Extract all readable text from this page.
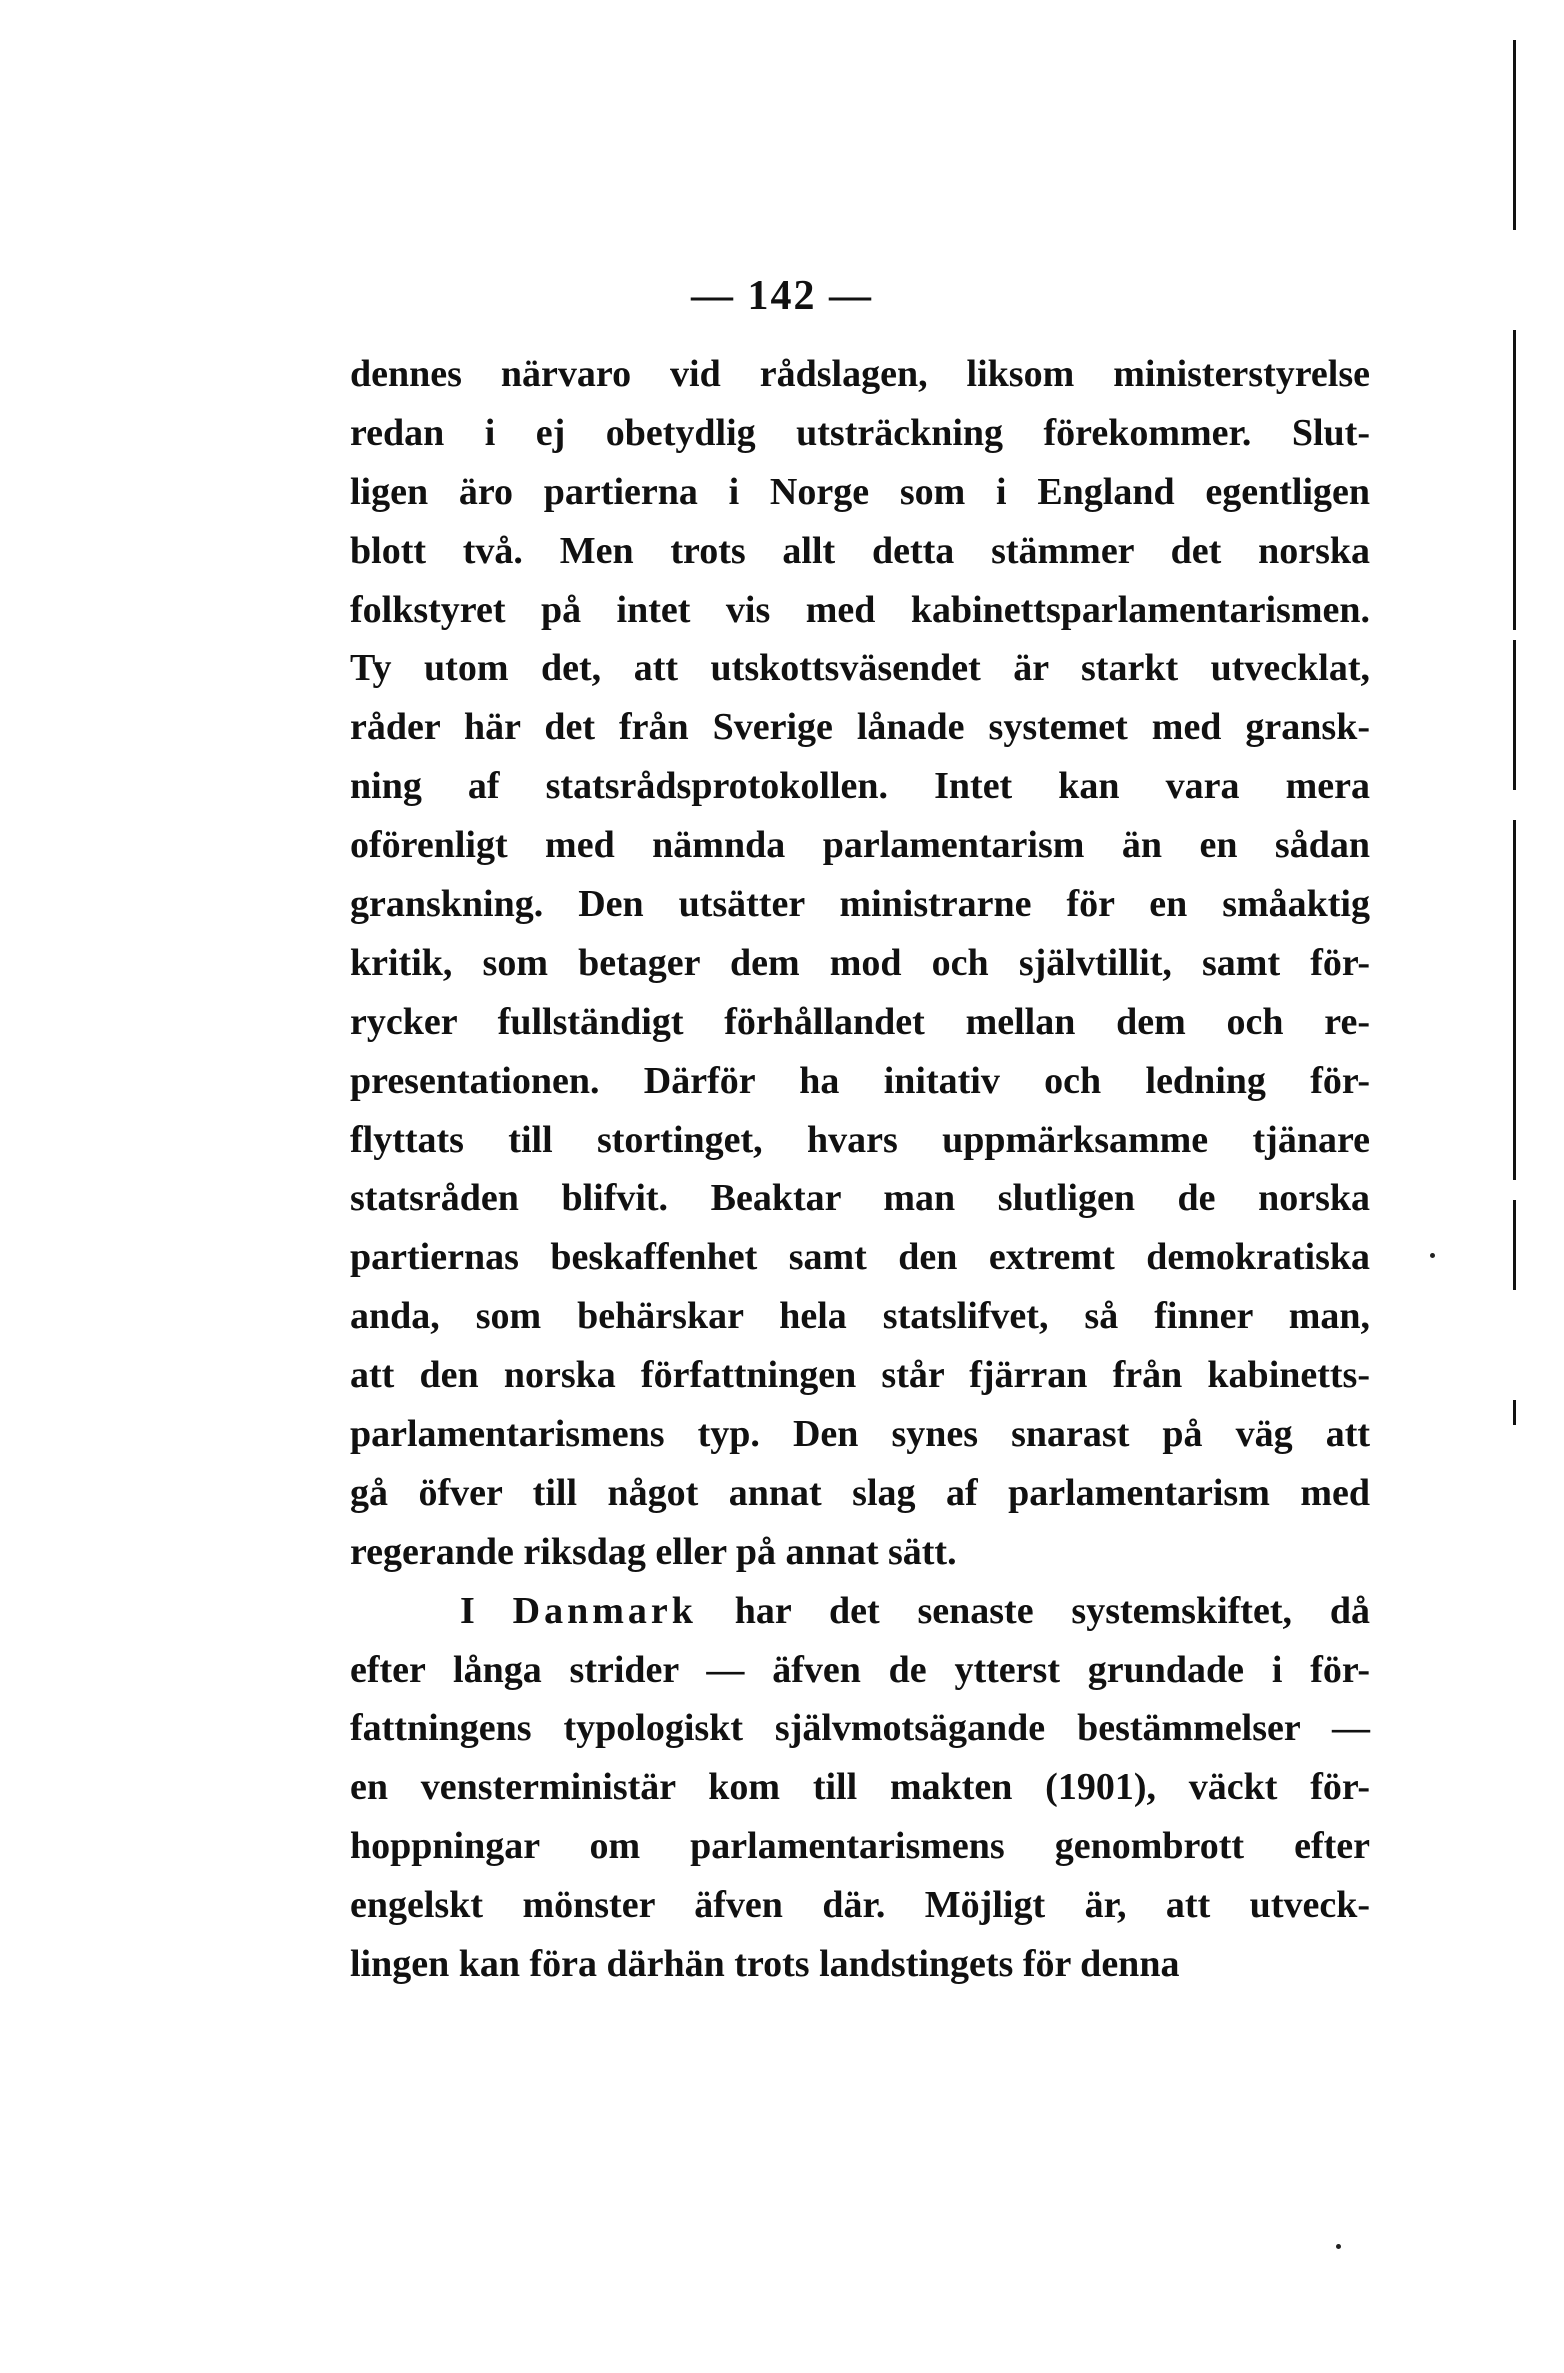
— 142 —
dennes närvaro vid rådslagen, liksom ministerstyrelse
redan i ej obetydlig utsträckning förekommer. Slut-
ligen äro partierna i Norge som i England egentligen
blott två. Men trots allt detta stämmer det norska
folkstyret på intet vis med kabinettsparlamentarismen.
Ty utom det, att utskottsväsendet är starkt utvecklat,
råder här det från Sverige lånade systemet med gransk-
ning af statsrådsprotokollen. Intet kan vara mera
oförenligt med nämnda parlamentarism än en sådan
granskning. Den utsätter ministrarne för en småaktig
kritik, som betager dem mod och självtillit, samt för-
rycker fullständigt förhållandet mellan dem och re-
presentationen. Därför ha initativ och ledning för-
flyttats till stortinget, hvars uppmärksamme tjänare
statsråden blifvit. Beaktar man slutligen de norska
partiernas beskaffenhet samt den extremt demokratiska
anda, som behärskar hela statslifvet, så finner man,
att den norska författningen står fjärran från kabinetts-
parlamentarismens typ. Den synes snarast på väg att
gå öfver till något annat slag af parlamentarism med
regerande riksdag eller på annat sätt.
I Danmark har det senaste systemskiftet, då
efter långa strider — äfven de ytterst grundade i för-
fattningens typologiskt självmotsägande bestämmelser —
en vensterministär kom till makten (1901), väckt för-
hoppningar om parlamentarismens genombrott efter
engelskt mönster äfven där. Möjligt är, att utveck-
lingen kan föra därhän trots landstingets för denna
